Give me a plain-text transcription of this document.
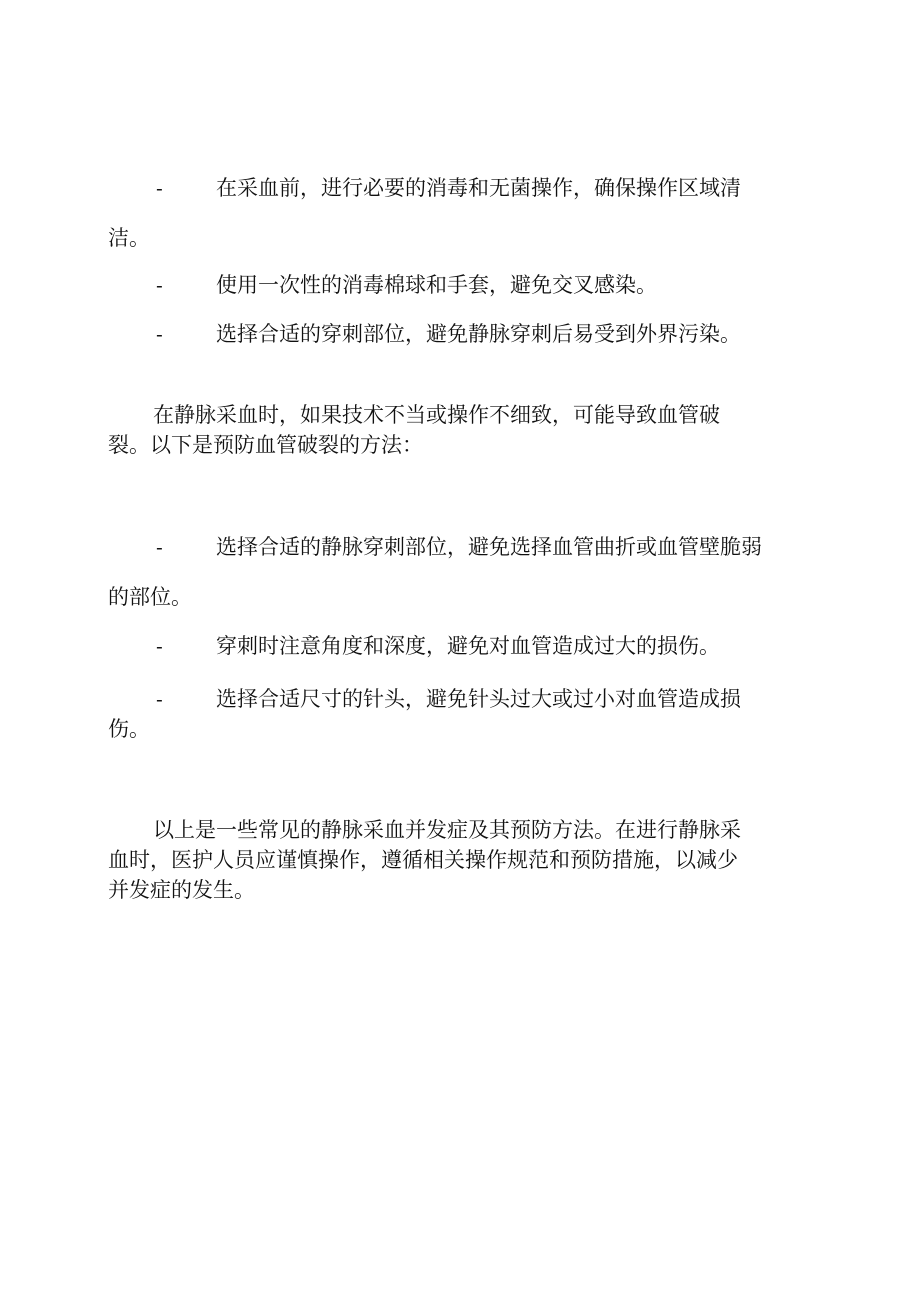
-	在采血前，进行必要的消毒和无菌操作，确保操作区域清
洁。
-	使用一次性的消毒棉球和手套，避免交叉感染。
-	选择合适的穿刺部位，避免静脉穿刺后易受到外界污染。
在静脉采血时，如果技术不当或操作不细致，可能导致血管破
裂。以下是预防血管破裂的方法：
-	选择合适的静脉穿刺部位，避免选择血管曲折或血管壁脆弱
的部位。
-	穿刺时注意角度和深度，避免对血管造成过大的损伤。
-	选择合适尺寸的针头，避免针头过大或过小对血管造成损
伤。
以上是一些常见的静脉采血并发症及其预防方法。在进行静脉采
血时，医护人员应谨慎操作，遵循相关操作规范和预防措施，以减少
并发症的发生。
